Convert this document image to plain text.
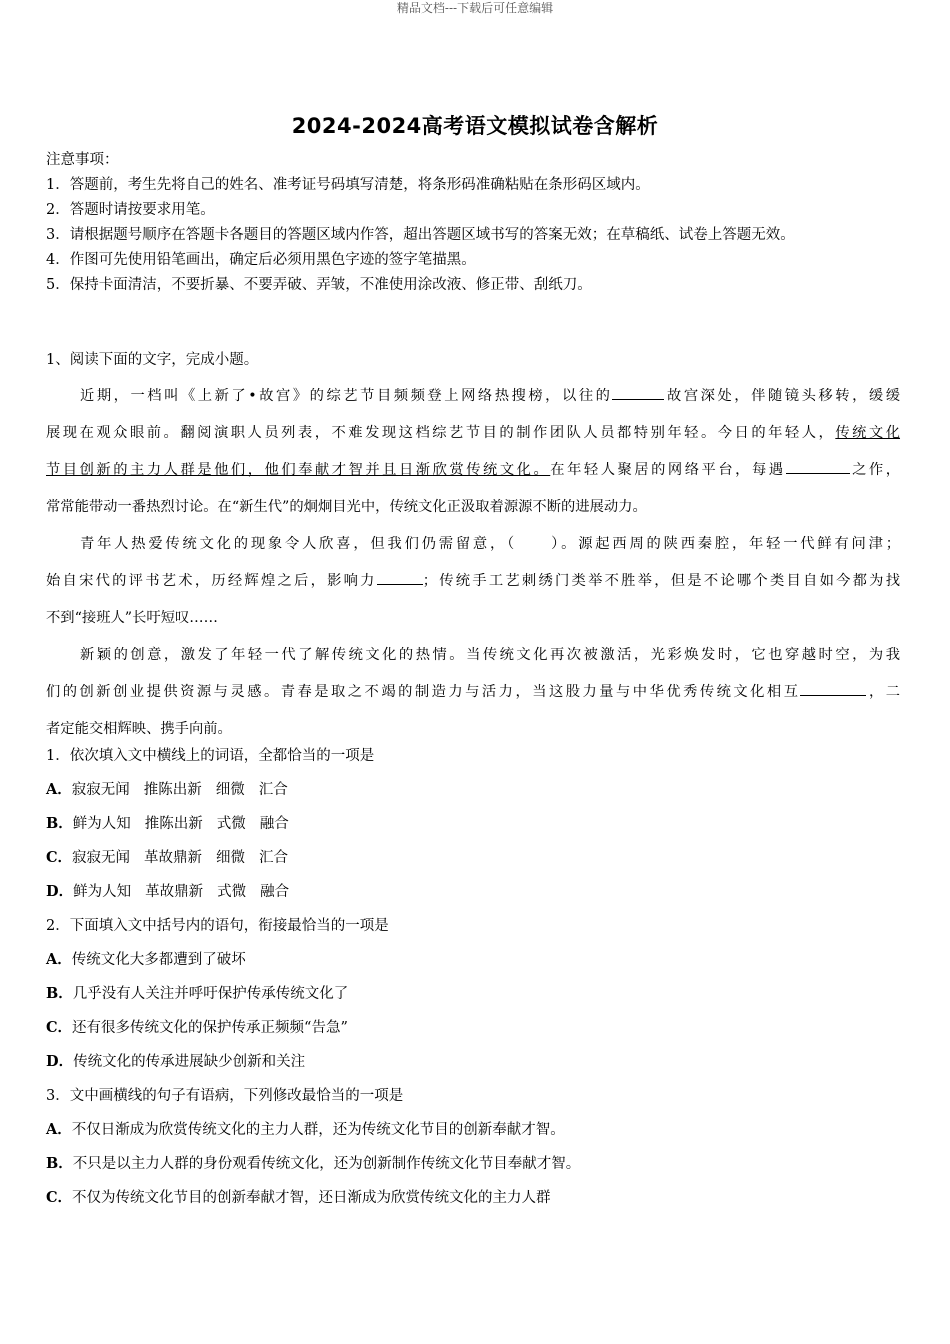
精品文档---下载后可任意编辑
2024-2024高考语文模拟试卷含解析
注意事项：
1．答题前，考生先将自己的姓名、准考证号码填写清楚，将条形码准确粘贴在条形码区域内。
2．答题时请按要求用笔。
3．请根据题号顺序在答题卡各题目的答题区域内作答，超出答题区域书写的答案无效；在草稿纸、试卷上答题无效。
4．作图可先使用铅笔画出，确定后必须用黑色字迹的签字笔描黑。
5．保持卡面清洁，不要折暴、不要弄破、弄皱，不准使用涂改液、修正带、刮纸刀。
1、阅读下面的文字，完成小题。
近期，一档叫《上新了•故宫》的综艺节目频频登上网络热搜榜，以往的	故宫深处，伴随镜头移转，缓缓
展现在观众眼前。翻阅演职人员列表，不难发现这档综艺节目的制作团队人员都特别年轻。今日的年轻人，传统文化
节目创新的主力人群是他们，他们奉献才智并且日渐欣赏传统文化。在年轻人聚居的网络平台，每遇	之作，
常常能带动一番热烈讨论。在“新生代”的炯炯目光中，传统文化正汲取着源源不断的进展动力。
青年人热爱传统文化的现象令人欣喜，但我们仍需留意，（　　）。源起西周的陕西秦腔，年轻一代鲜有问津；
始自宋代的评书艺术，历经辉煌之后，影响力	；传统手工艺刺绣门类举不胜举，但是不论哪个类目自如今都为找
不到“接班人”长吁短叹……
新颖的创意，激发了年轻一代了解传统文化的热情。当传统文化再次被激活，光彩焕发时，它也穿越时空，为我
们的创新创业提供资源与灵感。青春是取之不竭的制造力与活力，当这股力量与中华优秀传统文化相互	，二
者定能交相辉映、携手向前。
1．依次填入文中横线上的词语，全都恰当的一项是
A．寂寂无闻 推陈出新 细微 汇合
B．鲜为人知 推陈出新 式微 融合
C．寂寂无闻 革故鼎新 细微 汇合
D．鲜为人知 革故鼎新 式微 融合
2．下面填入文中括号内的语句，衔接最恰当的一项是
A．传统文化大多都遭到了破坏
B．几乎没有人关注并呼吁保护传承传统文化了
C．还有很多传统文化的保护传承正频频“告急”
D．传统文化的传承进展缺少创新和关注
3．文中画横线的句子有语病，下列修改最恰当的一项是
A．不仅日渐成为欣赏传统文化的主力人群，还为传统文化节目的创新奉献才智。
B．不只是以主力人群的身份观看传统文化，还为创新制作传统文化节目奉献才智。
C．不仅为传统文化节目的创新奉献才智，还日渐成为欣赏传统文化的主力人群
